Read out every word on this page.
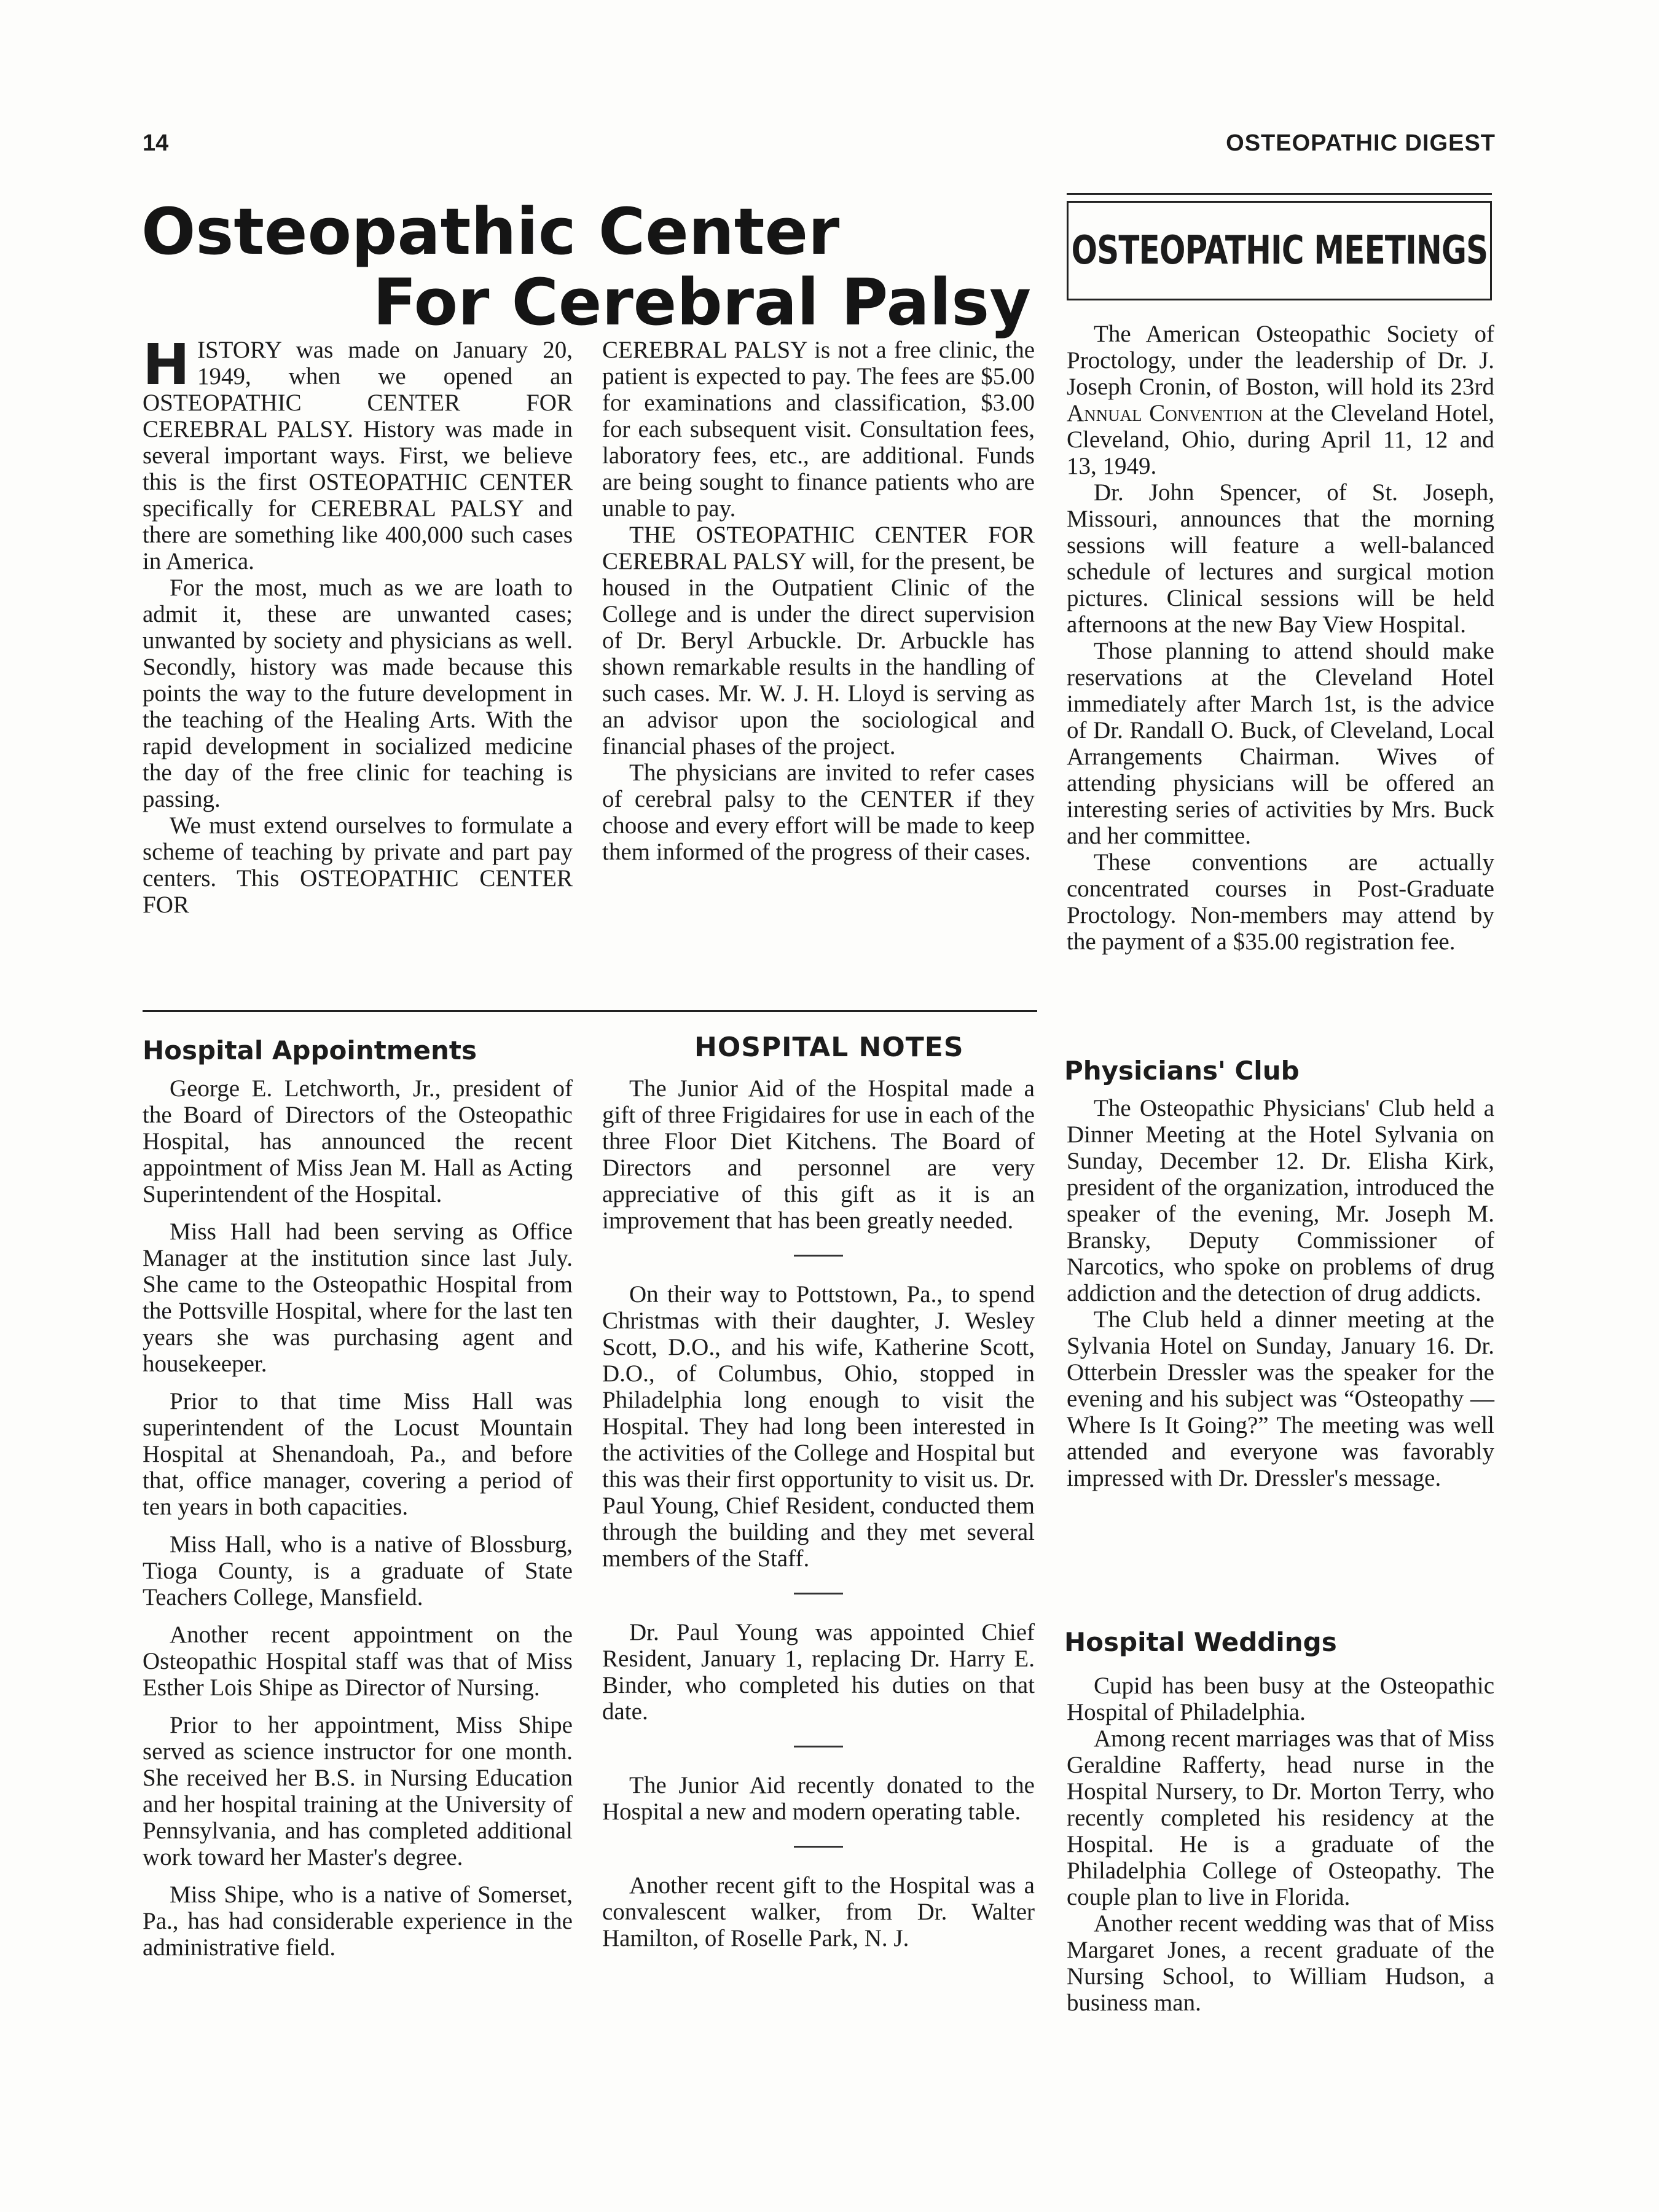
14	OSTEOPATHIC DIGEST
Osteopathic Center
For Cerebral Palsy

HISTORY was made on January 20, 1949, when we opened an OSTEOPATHIC CENTER FOR CEREBRAL PALSY. History was made in several important ways. First, we believe this is the first OSTEOPATHIC CENTER specifically for CEREBRAL PALSY and there are something like 400,000 such cases in America.

For the most, much as we are loath to admit it, these are unwanted cases; unwanted by society and physicians as well. Secondly, history was made because this points the way to the future development in the teaching of the Healing Arts. With the rapid development in socialized medicine the day of the free clinic for teaching is passing.

We must extend ourselves to formulate a scheme of teaching by private and part pay centers. This OSTEOPATHIC CENTER FOR

CEREBRAL PALSY is not a free clinic, the patient is expected to pay. The fees are $5.00 for examinations and classification, $3.00 for each subsequent visit. Consultation fees, laboratory fees, etc., are additional. Funds are being sought to finance patients who are unable to pay.

THE OSTEOPATHIC CENTER FOR CEREBRAL PALSY will, for the present, be housed in the Outpatient Clinic of the College and is under the direct supervision of Dr. Beryl Arbuckle. Dr. Arbuckle has shown remarkable results in the handling of such cases. Mr. W. J. H. Lloyd is serving as an advisor upon the sociological and financial phases of the project.

The physicians are invited to refer cases of cerebral palsy to the CENTER if they choose and every effort will be made to keep them informed of the progress of their cases.

OSTEOPATHIC MEETINGS

The American Osteopathic Society of Proctology, under the leadership of Dr. J. Joseph Cronin, of Boston, will hold its 23rd Annual Convention at the Cleveland Hotel, Cleveland, Ohio, during April 11, 12 and 13, 1949.

Dr. John Spencer, of St. Joseph, Missouri, announces that the morning sessions will feature a well-balanced schedule of lectures and surgical motion pictures. Clinical sessions will be held afternoons at the new Bay View Hospital.

Those planning to attend should make reservations at the Cleveland Hotel immediately after March 1st, is the advice of Dr. Randall O. Buck, of Cleveland, Local Arrangements Chairman. Wives of attending physicians will be offered an interesting series of activities by Mrs. Buck and her committee.

These conventions are actually concentrated courses in Post-Graduate Proctology. Non-members may attend by the payment of a $35.00 registration fee.

Hospital Appointments

George E. Letchworth, Jr., president of the Board of Directors of the Osteopathic Hospital, has announced the recent appointment of Miss Jean M. Hall as Acting Superintendent of the Hospital.

Miss Hall had been serving as Office Manager at the institution since last July. She came to the Osteopathic Hospital from the Pottsville Hospital, where for the last ten years she was purchasing agent and housekeeper.

Prior to that time Miss Hall was superintendent of the Locust Mountain Hospital at Shenandoah, Pa., and before that, office manager, covering a period of ten years in both capacities.

Miss Hall, who is a native of Blossburg, Tioga County, is a graduate of State Teachers College, Mansfield.

Another recent appointment on the Osteopathic Hospital staff was that of Miss Esther Lois Shipe as Director of Nursing.

Prior to her appointment, Miss Shipe served as science instructor for one month. She received her B.S. in Nursing Education and her hospital training at the University of Pennsylvania, and has completed additional work toward her Master's degree.

Miss Shipe, who is a native of Somerset, Pa., has had considerable experience in the administrative field.

HOSPITAL NOTES

The Junior Aid of the Hospital made a gift of three Frigidaires for use in each of the three Floor Diet Kitchens. The Board of Directors and personnel are very appreciative of this gift as it is an improvement that has been greatly needed.

On their way to Pottstown, Pa., to spend Christmas with their daughter, J. Wesley Scott, D.O., and his wife, Katherine Scott, D.O., of Columbus, Ohio, stopped in Philadelphia long enough to visit the Hospital. They had long been interested in the activities of the College and Hospital but this was their first opportunity to visit us. Dr. Paul Young, Chief Resident, conducted them through the building and they met several members of the Staff.

Dr. Paul Young was appointed Chief Resident, January 1, replacing Dr. Harry E. Binder, who completed his duties on that date.

The Junior Aid recently donated to the Hospital a new and modern operating table.

Another recent gift to the Hospital was a convalescent walker, from Dr. Walter Hamilton, of Roselle Park, N. J.

Physicians' Club

The Osteopathic Physicians' Club held a Dinner Meeting at the Hotel Sylvania on Sunday, December 12. Dr. Elisha Kirk, president of the organization, introduced the speaker of the evening, Mr. Joseph M. Bransky, Deputy Commissioner of Narcotics, who spoke on problems of drug addiction and the detection of drug addicts.

The Club held a dinner meeting at the Sylvania Hotel on Sunday, January 16. Dr. Otterbein Dressler was the speaker for the evening and his subject was “Osteopathy — Where Is It Going?” The meeting was well attended and everyone was favorably impressed with Dr. Dressler's message.

Hospital Weddings

Cupid has been busy at the Osteopathic Hospital of Philadelphia.

Among recent marriages was that of Miss Geraldine Rafferty, head nurse in the Hospital Nursery, to Dr. Morton Terry, who recently completed his residency at the Hospital. He is a graduate of the Philadelphia College of Osteopathy. The couple plan to live in Florida.

Another recent wedding was that of Miss Margaret Jones, a recent graduate of the Nursing School, to William Hudson, a business man.
